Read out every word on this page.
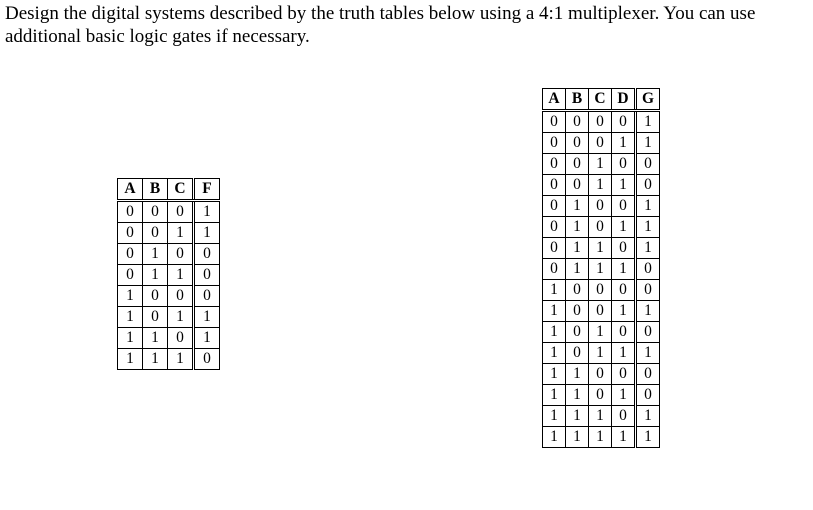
Design the digital systems described by the truth tables below using a 4:1 multiplexer. You can use additional basic logic gates if necessary.

A	B	C	F
0	0	0	1
0	0	1	1
0	1	0	0
0	1	1	0
1	0	0	0
1	0	1	1
1	1	0	1
1	1	1	0
A	B	C	D	G
0	0	0	0	1
0	0	0	1	1
0	0	1	0	0
0	0	1	1	0
0	1	0	0	1
0	1	0	1	1
0	1	1	0	1
0	1	1	1	0
1	0	0	0	0
1	0	0	1	1
1	0	1	0	0
1	0	1	1	1
1	1	0	0	0
1	1	0	1	0
1	1	1	0	1
1	1	1	1	1
